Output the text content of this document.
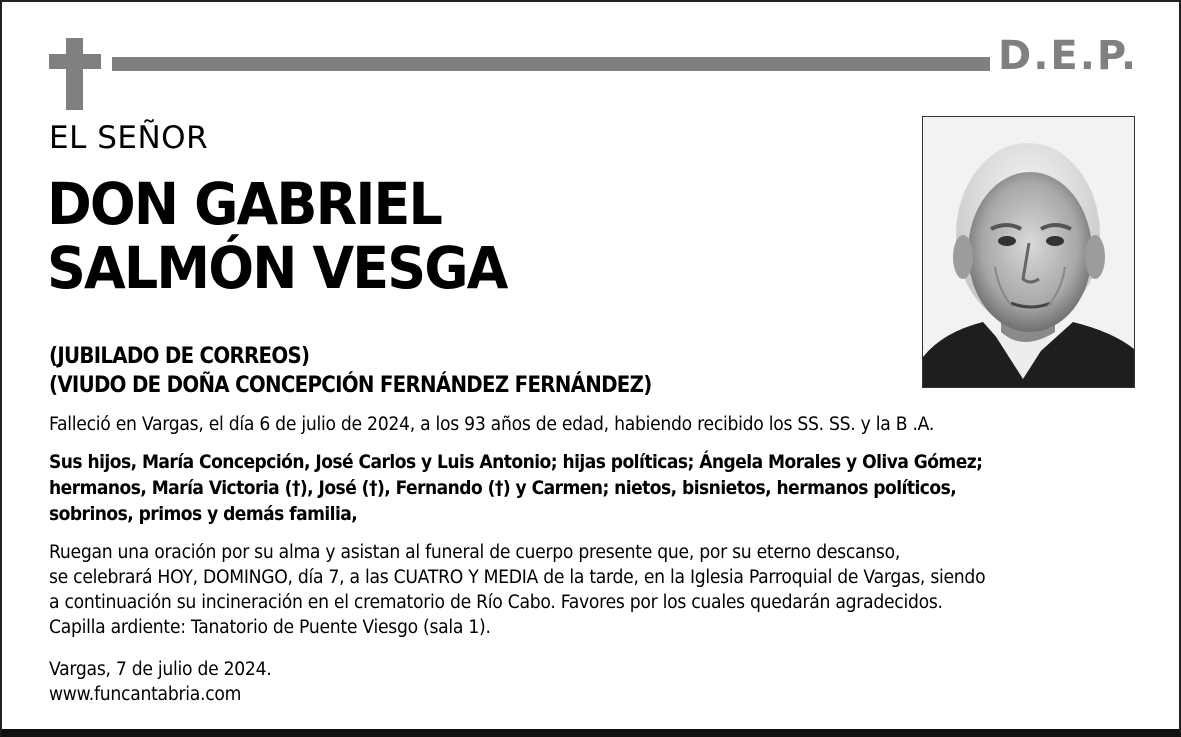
D.E.P.
EL SEÑOR
DON GABRIEL
SALMÓN VESGA
(JUBILADO DE CORREOS)
(VIUDO DE DOÑA CONCEPCIÓN FERNÁNDEZ FERNÁNDEZ)
Falleció en Vargas, el día 6 de julio de 2024, a los 93 años de edad, habiendo recibido los SS. SS. y la B .A.
Sus hijos, María Concepción, José Carlos y Luis Antonio; hijas políticas; Ángela Morales y Oliva Gómez;
hermanos, María Victoria (†), José (†), Fernando (†) y Carmen; nietos, bisnietos, hermanos políticos,
sobrinos, primos y demás familia,
Ruegan una oración por su alma y asistan al funeral de cuerpo presente que, por su eterno descanso,
se celebrará HOY, DOMINGO, día 7, a las CUATRO Y MEDIA de la tarde, en la Iglesia Parroquial de Vargas, siendo
a continuación su incineración en el crematorio de Río Cabo. Favores por los cuales quedarán agradecidos.
Capilla ardiente: Tanatorio de Puente Viesgo (sala 1).
Vargas, 7 de julio de 2024.
www.funcantabria.com
